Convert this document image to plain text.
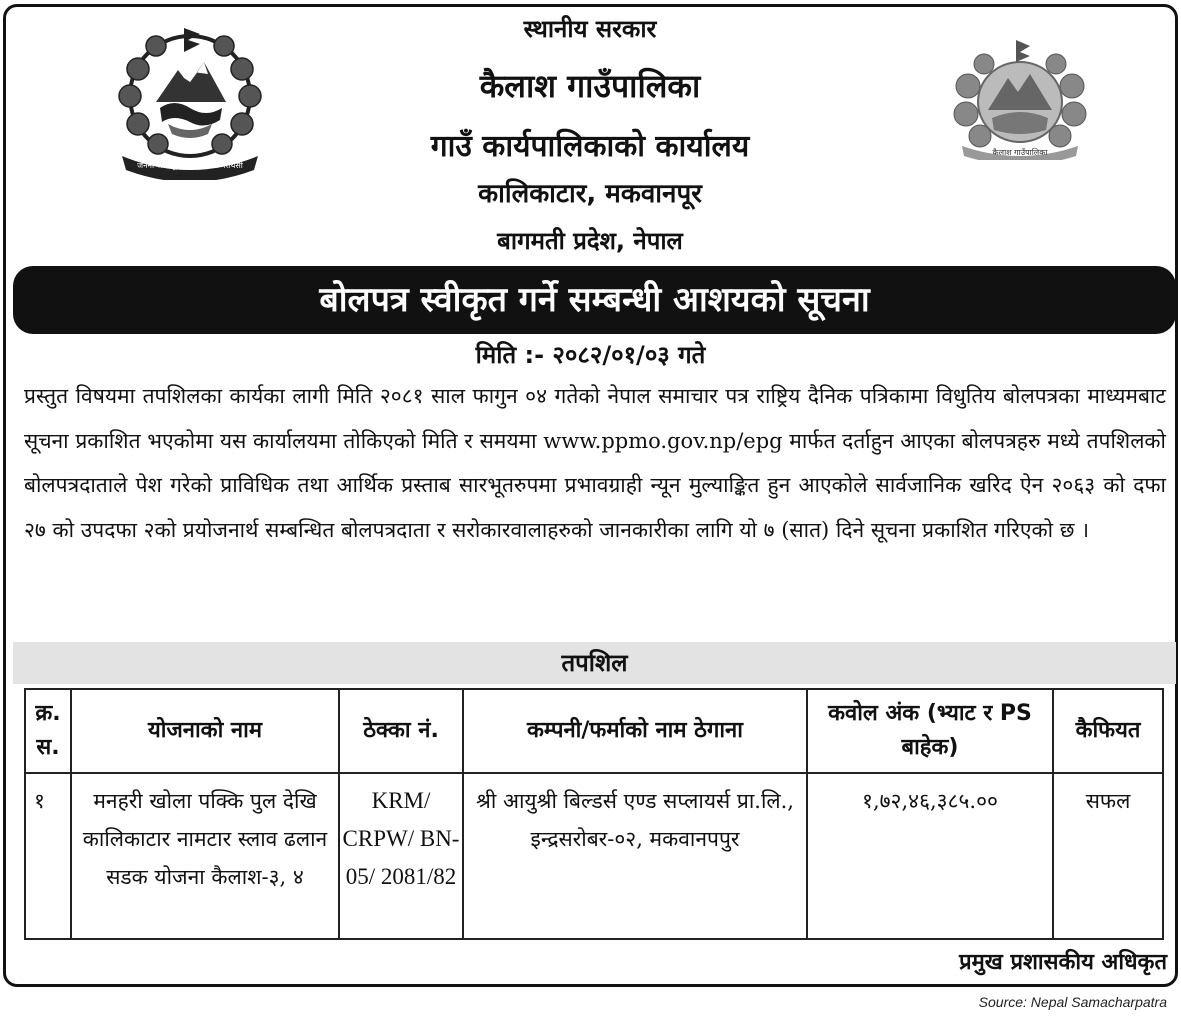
जननी जन्मभूमिश्च स्वर्गादपि गरीयसी
स्थानीय सरकार
कैलाश गाउँपालिका
गाउँ कार्यपालिकाको कार्यालय
कालिकाटार, मकवानपूर
बागमती प्रदेश, नेपाल
कैलाश गाउँपालिका
बोलपत्र स्वीकृत गर्ने सम्बन्धी आशयको सूचना
मिति :- २०८२/०१/०३ गते
प्रस्तुत विषयमा तपशिलका कार्यका लागी मिति २०८१ साल फागुन ०४ गतेको नेपाल समाचार पत्र राष्ट्रिय दैनिक पत्रिकामा विधुतिय बोलपत्रका माध्यमबाट सूचना प्रकाशित भएकोमा यस कार्यालयमा तोकिएको मिति र समयमा www.ppmo.gov.np/epg मार्फत दर्ताहुन आएका बोलपत्रहरु मध्ये तपशिलको बोलपत्रदाताले पेश गरेको प्राविधिक तथा आर्थिक प्रस्ताब सारभूतरुपमा प्रभावग्राही न्यून मुल्याङ्कित हुन आएकोले सार्वजानिक खरिद ऐन २०६३ को दफा २७ को उपदफा २को प्रयोजनार्थ सम्बन्धित बोलपत्रदाता र सरोकारवालाहरुको जानकारीका लागि यो ७ (सात) दिने सूचना प्रकाशित गरिएको छ ।
तपशिल
क्र. स.	योजनाको नाम	ठेक्का नं.	कम्पनी/फर्माको नाम ठेगाना	कवोल अंक (भ्याट र PS बाहेक)	कैफियत
१	मनहरी खोला पक्कि पुल देखि कालिकाटार नामटार स्लाव ढलान सडक योजना कैलाश-३, ४	KRM/ CRPW/ BN-05/ 2081/82	श्री आयुश्री बिल्डर्स एण्ड सप्लायर्स प्रा.लि., इन्द्रसरोबर-०२, मकवानपपुर	१,७२,४६,३८५.००	सफल
प्रमुख प्रशासकीय अधिकृत
Source: Nepal Samacharpatra
